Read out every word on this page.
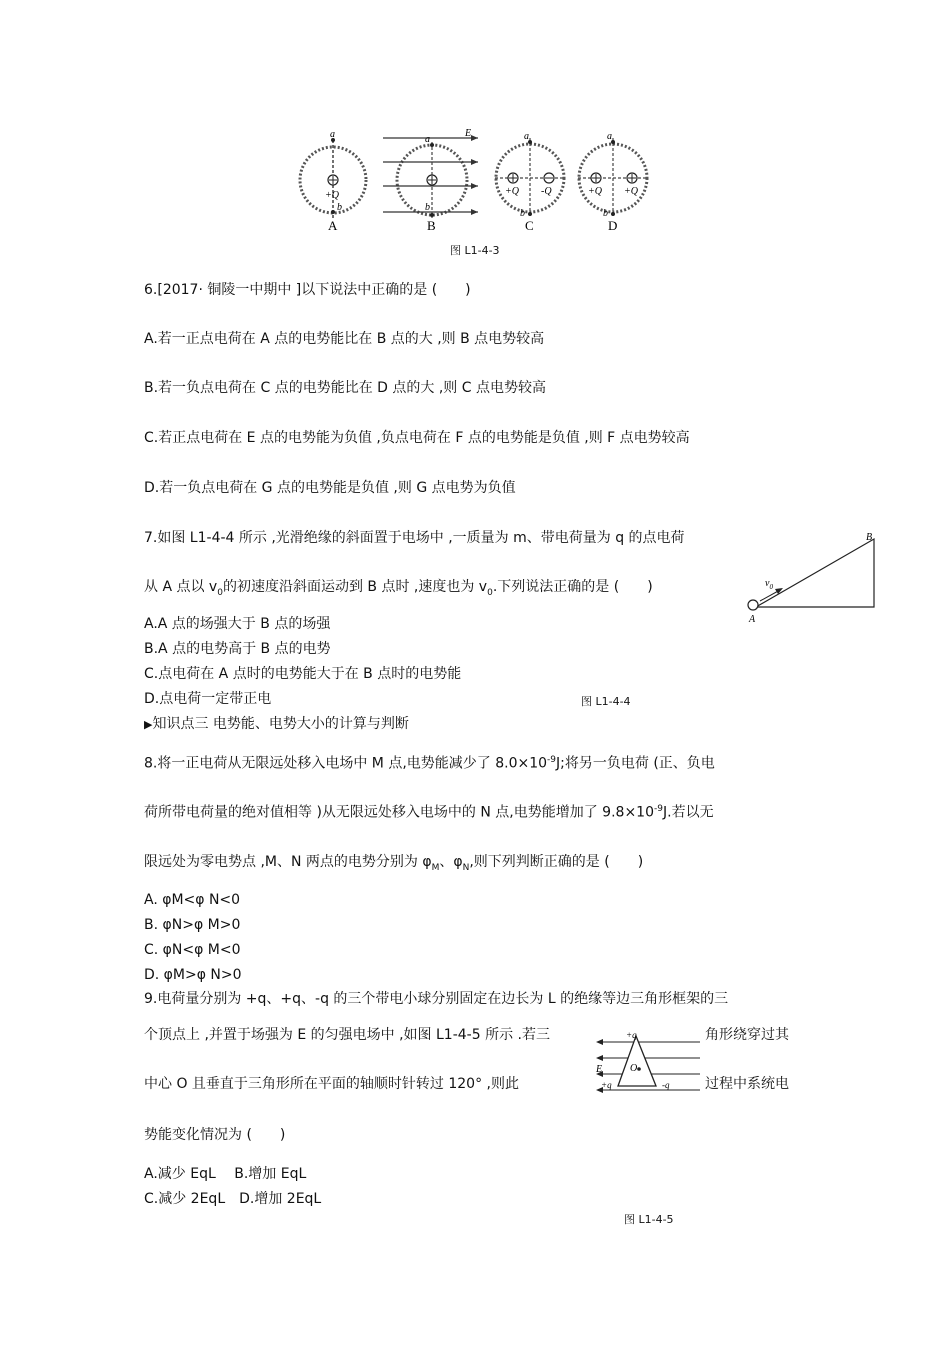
a
+Q
b
A
E
a
b
B
a
+Q -Q
b
C
a
+Q +Q
b
D
图 L1-4-3
6.[2017· 铜陵一中期中 ]以下说法中正确的是 (　　)
A.若一正点电荷在 A 点的电势能比在 B 点的大 ,则 B 点电势较高
B.若一负点电荷在 C 点的电势能比在 D 点的大 ,则 C 点电势较高
C.若正点电荷在 E 点的电势能为负值 ,负点电荷在 F 点的电势能是负值 ,则 F 点电势较高
D.若一负点电荷在 G 点的电势能是负值 ,则 G 点电势为负值
7.如图 L1-4-4 所示 ,光滑绝缘的斜面置于电场中 ,一质量为 m、带电荷量为 q 的点电荷
从 A 点以 $v_0$的初速度沿斜面运动到 B 点时 ,速度也为 $v_0$.下列说法正确的是 (　　)
A.A 点的场强大于 B 点的场强
B.A 点的电势高于 B 点的电势
C.点电荷在 A 点时的电势能大于在 B 点时的电势能
D.点电荷一定带正电
$v_0$
A
B
图 L1-4-4
▶知识点三 电势能、电势大小的计算与判断
8.将一正电荷从无限远处移入电场中 M 点,电势能减少了 $8.0\times 10^{-9}J$;将另一负电荷 (正、负电
荷所带电荷量的绝对值相等 )从无限远处移入电场中的 N 点,电势能增加了 $9.8\times 10^{-9}J$.若以无
限远处为零电势点 ,M、N 两点的电势分别为 $\varphi_M$、$\varphi_N$,则下列判断正确的是 (　　)
A. φM<φ N<0
B. φN>φ M>0
C. φN<φ M<0
D. φM>φ N>0
9.电荷量分别为 +q、+q、-q 的三个带电小球分别固定在边长为 L 的绝缘等边三角形框架的三
个顶点上 ,并置于场强为 E 的匀强电场中 ,如图 L1-4-5 所示 .若三	角形绕穿过其
中心 O 且垂直于三角形所在平面的轴顺时针转过 120° ,则此	过程中系统电
势能变化情况为 (　　)
+q
+q	-q
O
E
A.减少 EqL　 B.增加 EqL
C.减少 2EqL　D.增加 2EqL
图 L1-4-5
